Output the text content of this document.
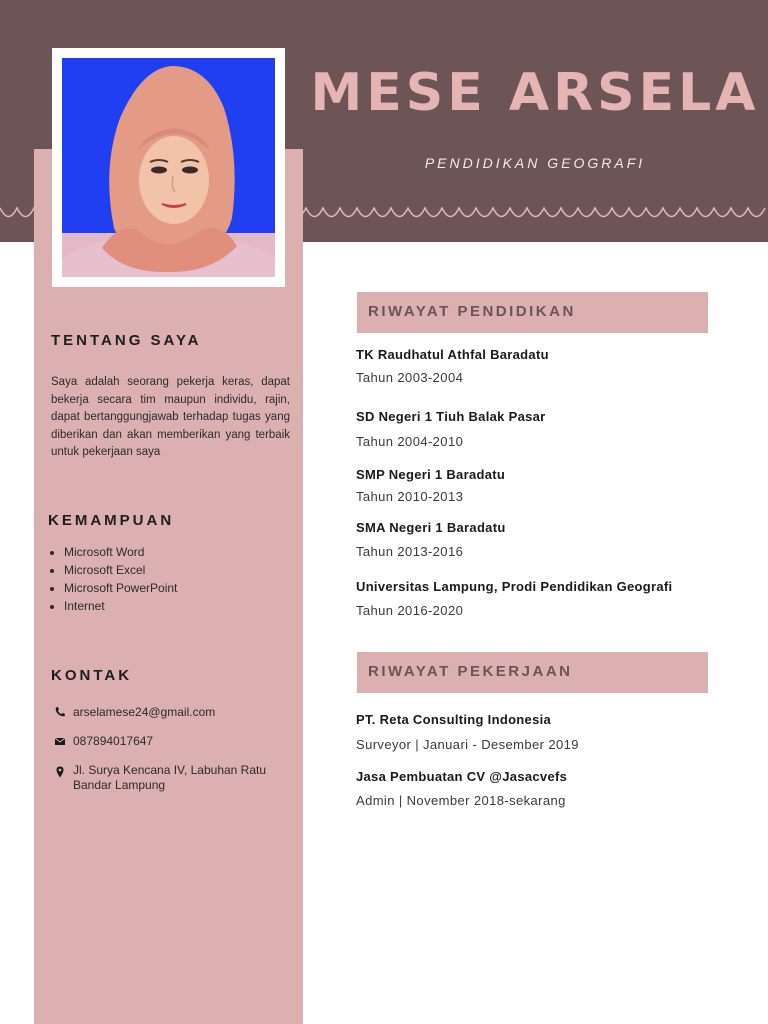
MESE ARSELA
PENDIDIKAN GEOGRAFI
TENTANG SAYA
Saya adalah seorang pekerja keras, dapat bekerja secara tim maupun individu, rajin, dapat bertanggungjawab terhadap tugas yang diberikan dan akan memberikan yang terbaik untuk pekerjaan saya
KEMAMPUAN
• Microsoft Word
• Microsoft Excel
• Microsoft PowerPoint
• Internet
KONTAK
arselamese24@gmail.com
087894017647
Jl. Surya Kencana IV, Labuhan Ratu
Bandar Lampung
RIWAYAT PENDIDIKAN
TK Raudhatul Athfal Baradatu
Tahun 2003-2004
SD Negeri 1 Tiuh Balak Pasar
Tahun 2004-2010
SMP Negeri 1 Baradatu
Tahun 2010-2013
SMA Negeri 1 Baradatu
Tahun 2013-2016
Universitas Lampung, Prodi Pendidikan Geografi
Tahun 2016-2020
RIWAYAT PEKERJAAN
PT. Reta Consulting Indonesia
Surveyor | Januari - Desember 2019
Jasa Pembuatan CV @Jasacvefs
Admin | November 2018-sekarang
